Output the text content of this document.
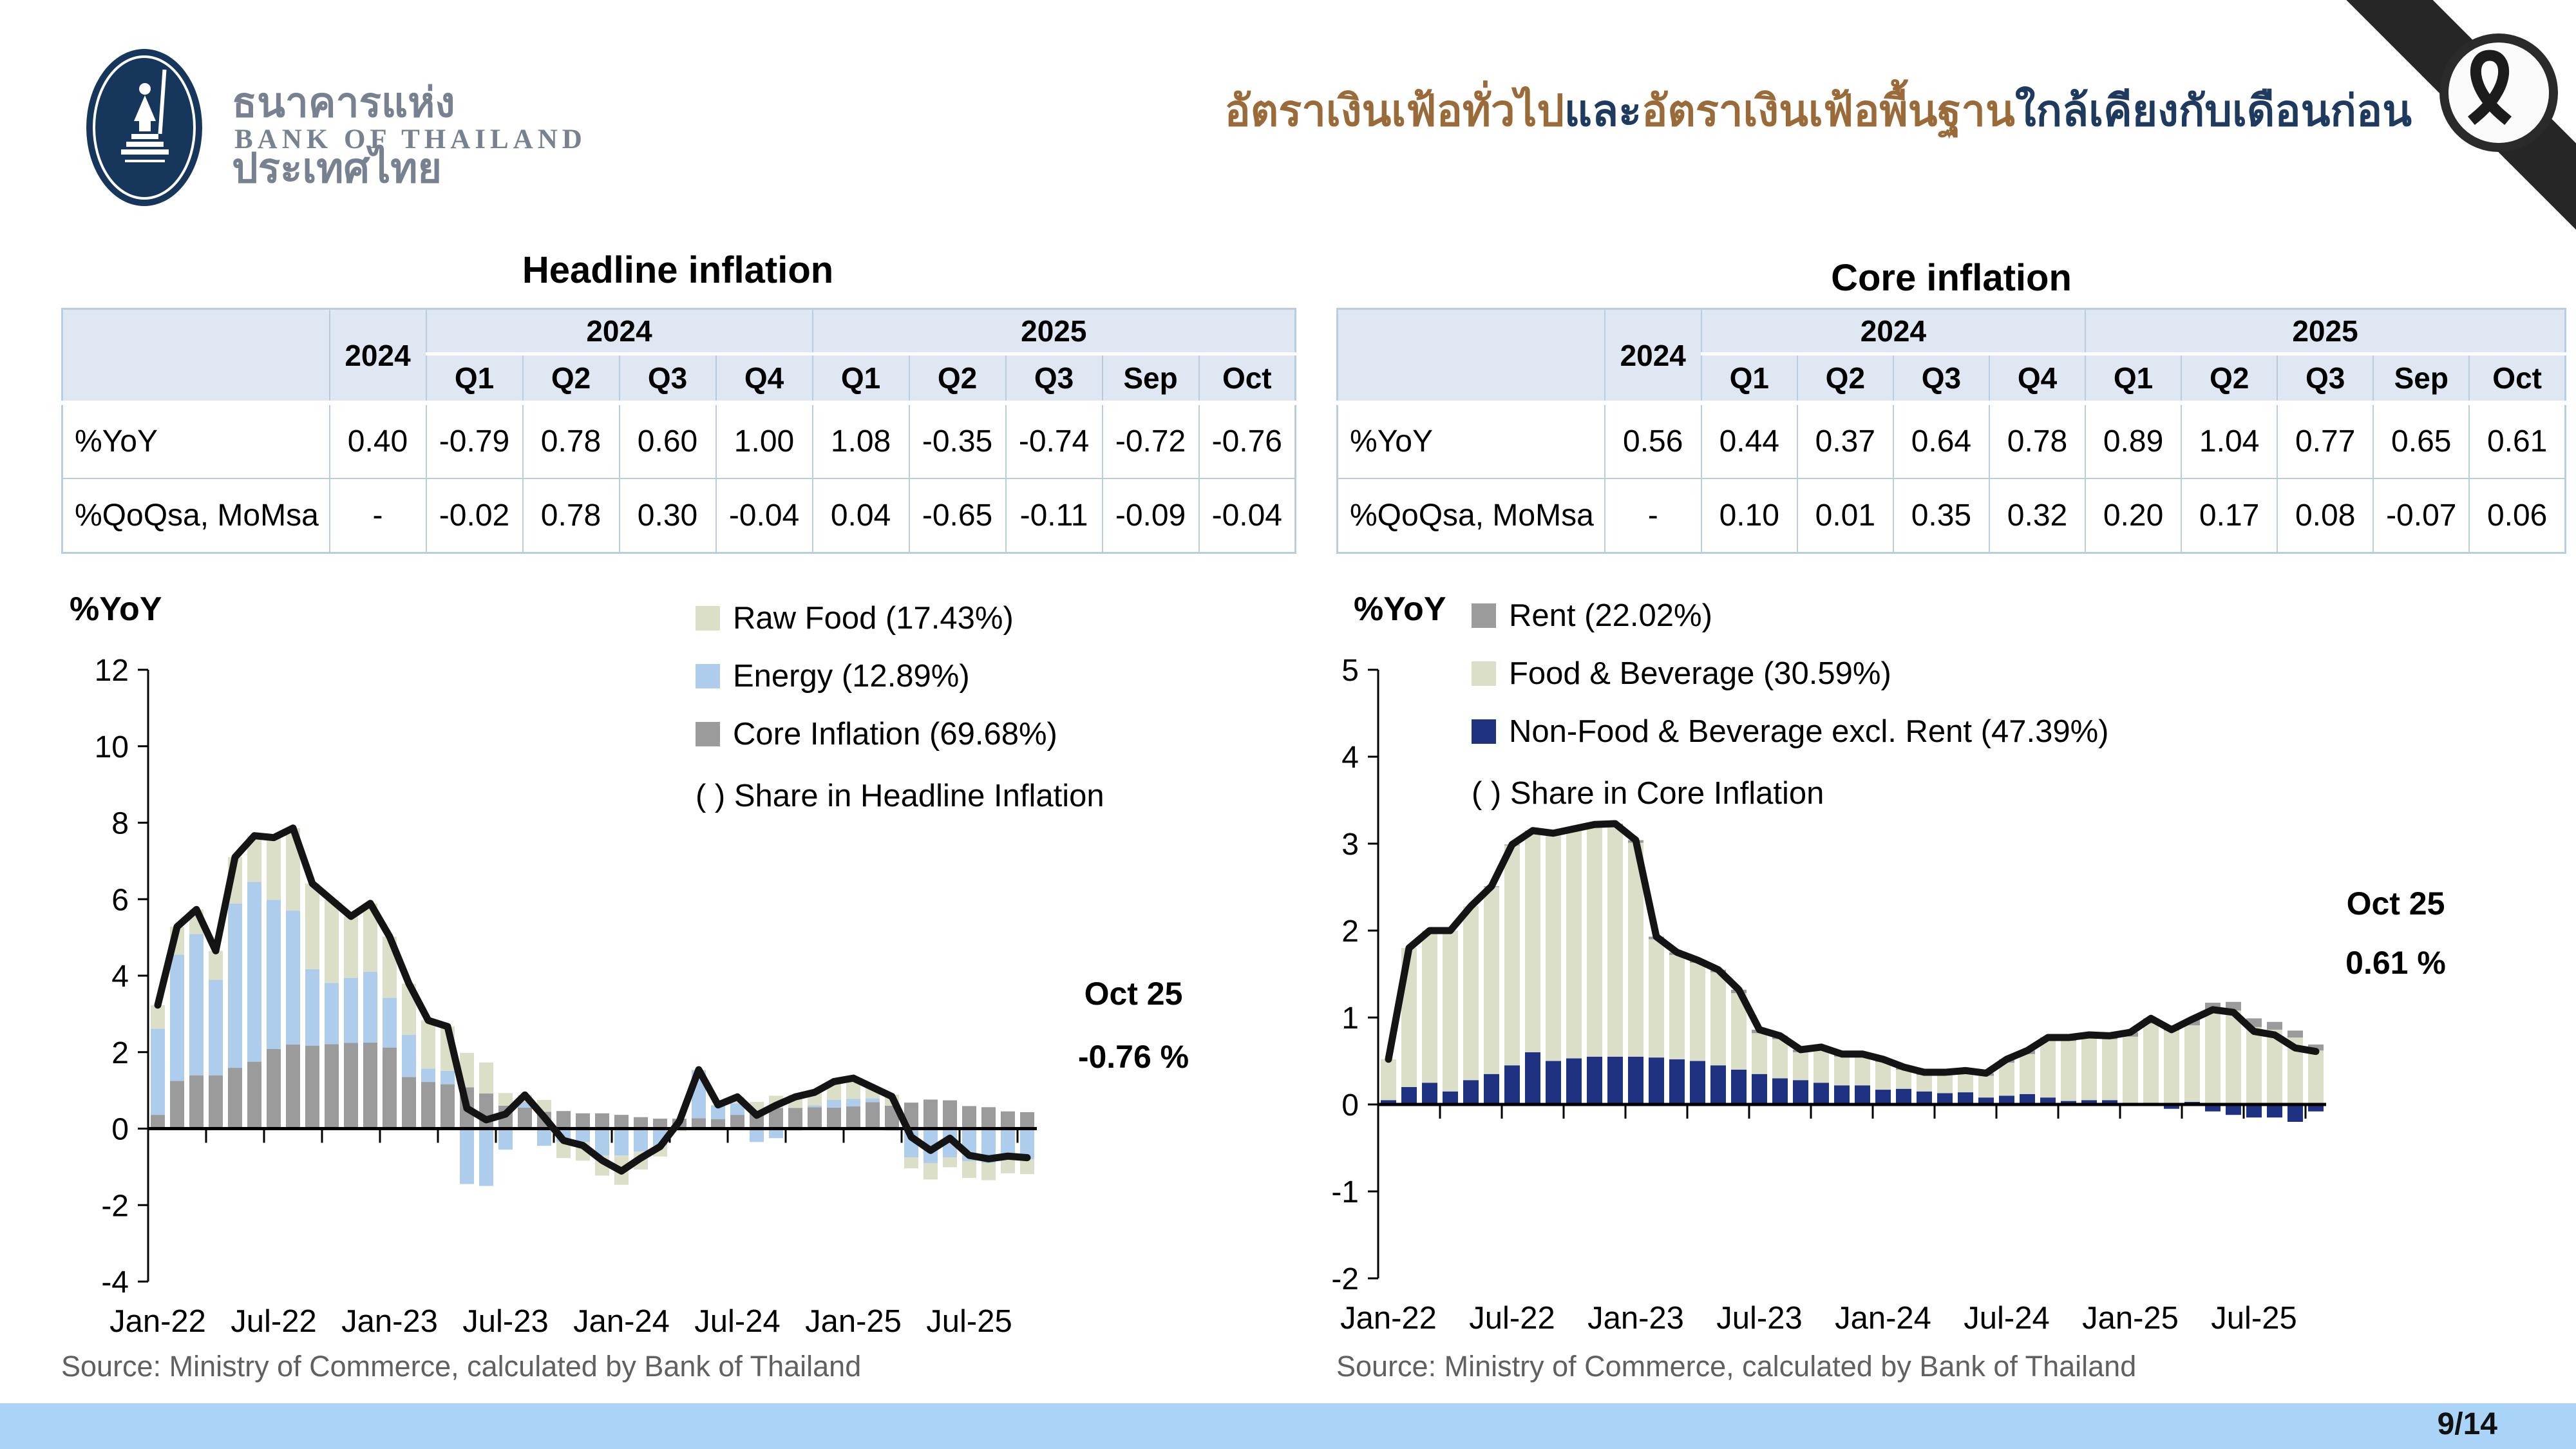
ธนาคารแห่งประเทศไทย
BANK OF THAILAND
อัตราเงินเฟ้อทั่วไปและอัตราเงินเฟ้อพื้นฐานใกล้เคียงกับเดือนก่อน
Headline inflation	Core inflation
	2024	2024				2025				
		Q1	Q2	Q3	Q4	Q1	Q2	Q3	Sep	Oct
%YoY	0.40	-0.79	0.78	0.60	1.00	1.08	-0.35	-0.74	-0.72	-0.76
%QoQsa, MoMsa	-	-0.02	0.78	0.30	-0.04	0.04	-0.65	-0.11	-0.09	-0.04
	2024	2024				2025				
		Q1	Q2	Q3	Q4	Q1	Q2	Q3	Sep	Oct
%YoY	0.56	0.44	0.37	0.64	0.78	0.89	1.04	0.77	0.65	0.61
%QoQsa, MoMsa	-	0.10	0.01	0.35	0.32	0.20	0.17	0.08	-0.07	0.06
%YoY	%YoY
12
10
8
6
4
2
0
-2
-4
Jan-22 Jul-22 Jan-23 Jul-23 Jan-24 Jul-24 Jan-25 Jul-25
Oct 25
-0.76 %
5
4
3
2
1
0
-1
-2
Jan-22 Jul-22 Jan-23 Jul-23 Jan-24 Jul-24 Jan-25 Jul-25
Oct 25
0.61 %
Raw Food (17.43%)
Energy (12.89%)
Core Inflation (69.68%)
( ) Share in Headline Inflation
Rent (22.02%)
Food & Beverage (30.59%)
Non-Food & Beverage excl. Rent (47.39%)
( ) Share in Core Inflation
Source: Ministry of Commerce, calculated by Bank of Thailand	Source: Ministry of Commerce, calculated by Bank of Thailand
9/14
